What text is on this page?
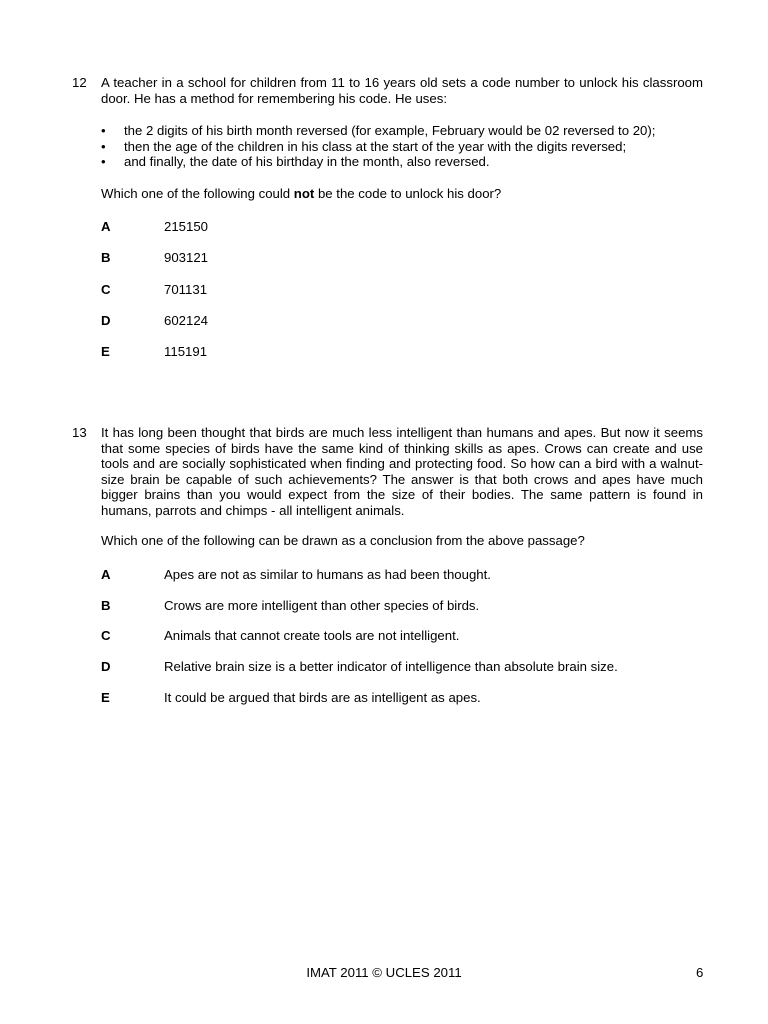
12 A teacher in a school for children from 11 to 16 years old sets a code number to unlock his classroom door. He has a method for remembering his code. He uses:

• the 2 digits of his birth month reversed (for example, February would be 02 reversed to 20);
• then the age of the children in his class at the start of the year with the digits reversed;
• and finally, the date of his birthday in the month, also reversed.
Which one of the following could not be the code to unlock his door?
A	215150
B	903121
C	701131
D	602124
E	115191
13 It has long been thought that birds are much less intelligent than humans and apes. But now it seems that some species of birds have the same kind of thinking skills as apes. Crows can create and use tools and are socially sophisticated when finding and protecting food. So how can a bird with a walnut-size brain be capable of such achievements? The answer is that both crows and apes have much bigger brains than you would expect from the size of their bodies. The same pattern is found in humans, parrots and chimps - all intelligent animals.

Which one of the following can be drawn as a conclusion from the above passage?
A	Apes are not as similar to humans as had been thought.
B	Crows are more intelligent than other species of birds.
C	Animals that cannot create tools are not intelligent.
D	Relative brain size is a better indicator of intelligence than absolute brain size.
E	It could be argued that birds are as intelligent as apes.
IMAT 2011 © UCLES 2011	6
